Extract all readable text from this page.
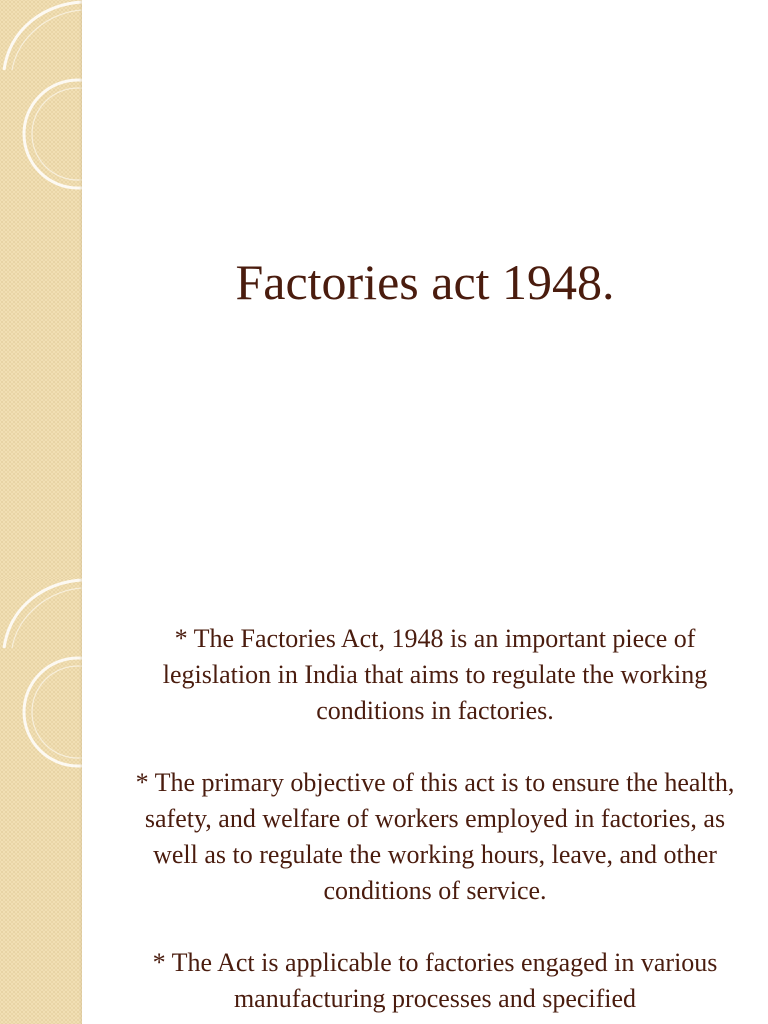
Factories act 1948.

* The Factories Act, 1948 is an important piece of legislation in India that aims to regulate the working conditions in factories.

* The primary objective of this act is to ensure the health, safety, and welfare of workers employed in factories, as well as to regulate the working hours, leave, and other conditions of service.

* The Act is applicable to factories engaged in various manufacturing processes and specified
